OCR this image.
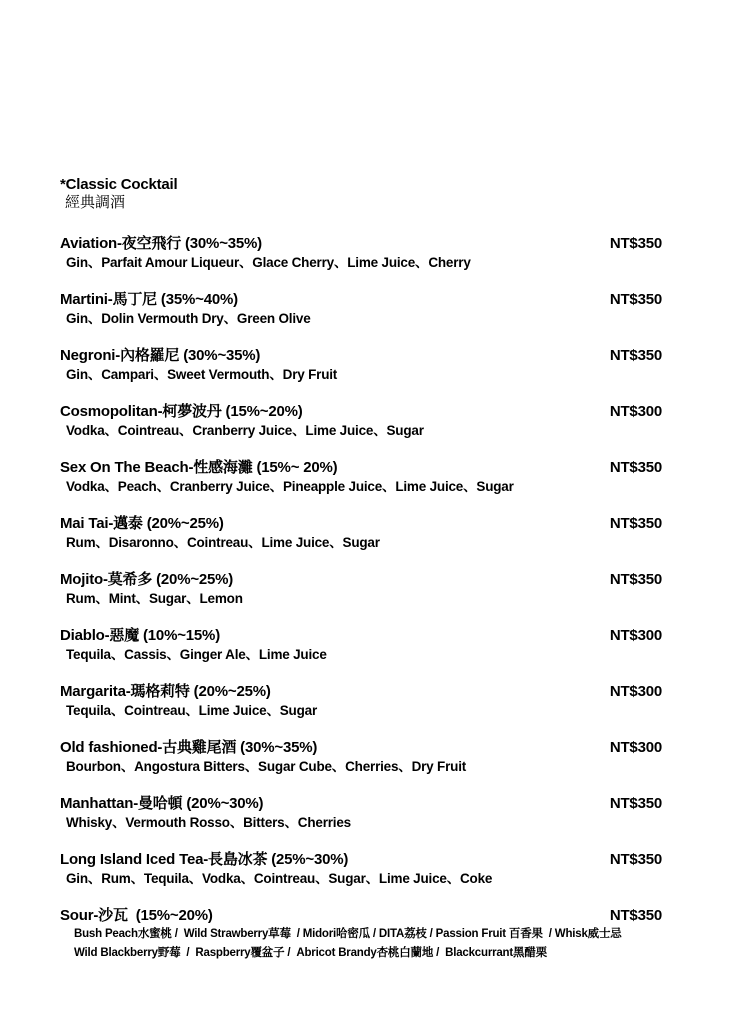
*Classic Cocktail
經典調酒
Aviation-夜空飛行 (30%~35%)	NT$350
Gin、Parfait Amour Liqueur、Glace Cherry、Lime Juice、Cherry
Martini-馬丁尼 (35%~40%)	NT$350
Gin、Dolin Vermouth Dry、Green Olive
Negroni-內格羅尼 (30%~35%)	NT$350
Gin、Campari、Sweet Vermouth、Dry Fruit
Cosmopolitan-柯夢波丹 (15%~20%)	NT$300
Vodka、Cointreau、Cranberry Juice、Lime Juice、Sugar
Sex On The Beach-性感海灘 (15%~ 20%)	NT$350
Vodka、Peach、Cranberry Juice、Pineapple Juice、Lime Juice、Sugar
Mai Tai-邁泰 (20%~25%)	NT$350
Rum、Disaronno、Cointreau、Lime Juice、Sugar
Mojito-莫希多 (20%~25%)	NT$350
Rum、Mint、Sugar、Lemon
Diablo-惡魔 (10%~15%)	NT$300
Tequila、Cassis、Ginger Ale、Lime Juice
Margarita-瑪格莉特 (20%~25%)	NT$300
Tequila、Cointreau、Lime Juice、Sugar
Old fashioned-古典雞尾酒 (30%~35%)	NT$300
Bourbon、Angostura Bitters、Sugar Cube、Cherries、Dry Fruit
Manhattan-曼哈頓 (20%~30%)	NT$350
Whisky、Vermouth Rosso、Bitters、Cherries
Long Island Iced Tea-長島冰茶 (25%~30%)	NT$350
Gin、Rum、Tequila、Vodka、Cointreau、Sugar、Lime Juice、Coke
Sour-沙瓦  (15%~20%)	NT$350
Bush Peach水蜜桃 /  Wild Strawberry草莓  / Midori哈密瓜 / DITA荔枝 / Passion Fruit 百香果  / Whisk威士忌
Wild Blackberry野莓  /  Raspberry覆盆子 /  Abricot Brandy杏桃白蘭地 /  Blackcurrant黑醋栗
